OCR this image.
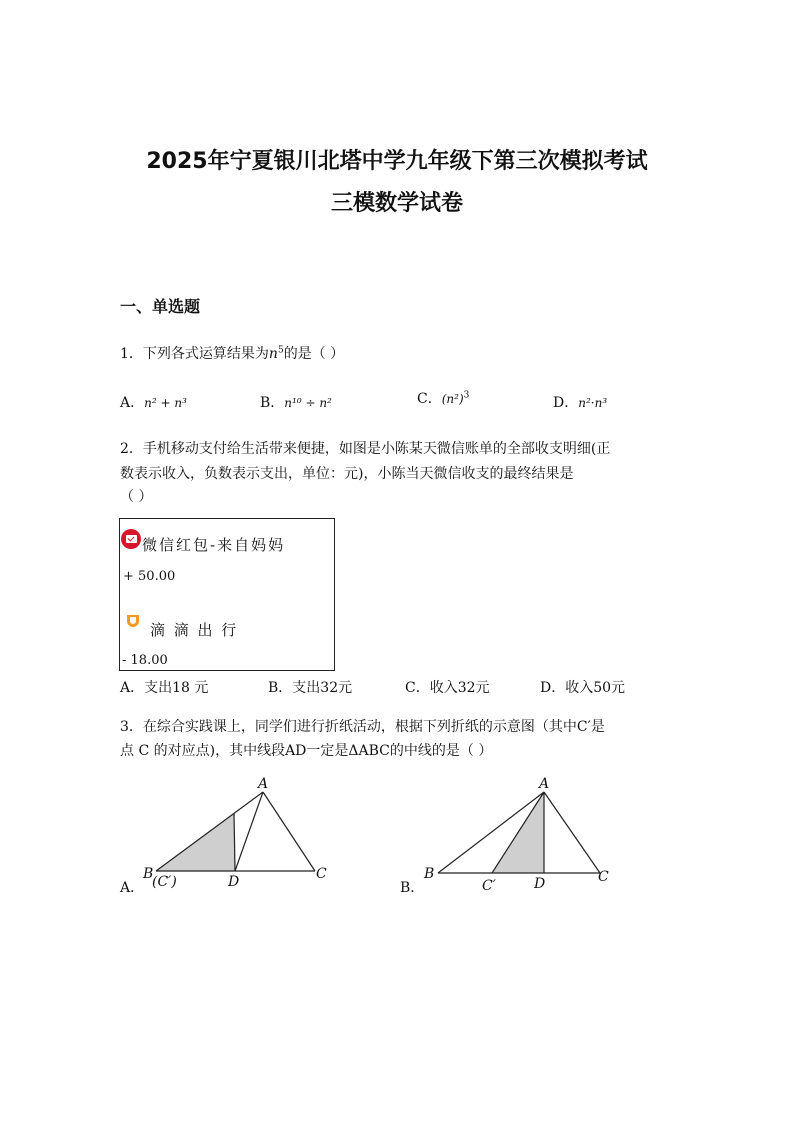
2025年宁夏银川北塔中学九年级下第三次模拟考试
三模数学试卷
一、单选题
1．下列各式运算结果为$n^5$的是（ ）
A．n² + n³	B．n¹⁰ ÷ n²	C．$(n^2)^3$	D．n²·n³
2．手机移动支付给生活带来便捷，如图是小陈某天微信账单的全部收支明细(正
数表示收入，负数表示支出，单位：元)，小陈当天微信收支的最终结果是
（ ）
微信红包-来自妈妈
+ 50.00
滴 滴 出 行
- 18.00
A．支出18 元	B．支出32元	C．收入32元	D．收入50元
3．在综合实践课上，同学们进行折纸活动，根据下列折纸的示意图（其中C′是
点 C 的对应点)，其中线段AD一定是ΔABC的中线的是（ ）
A．
A
B
(C′)	D	C
B．
A
B
C′	D	C
